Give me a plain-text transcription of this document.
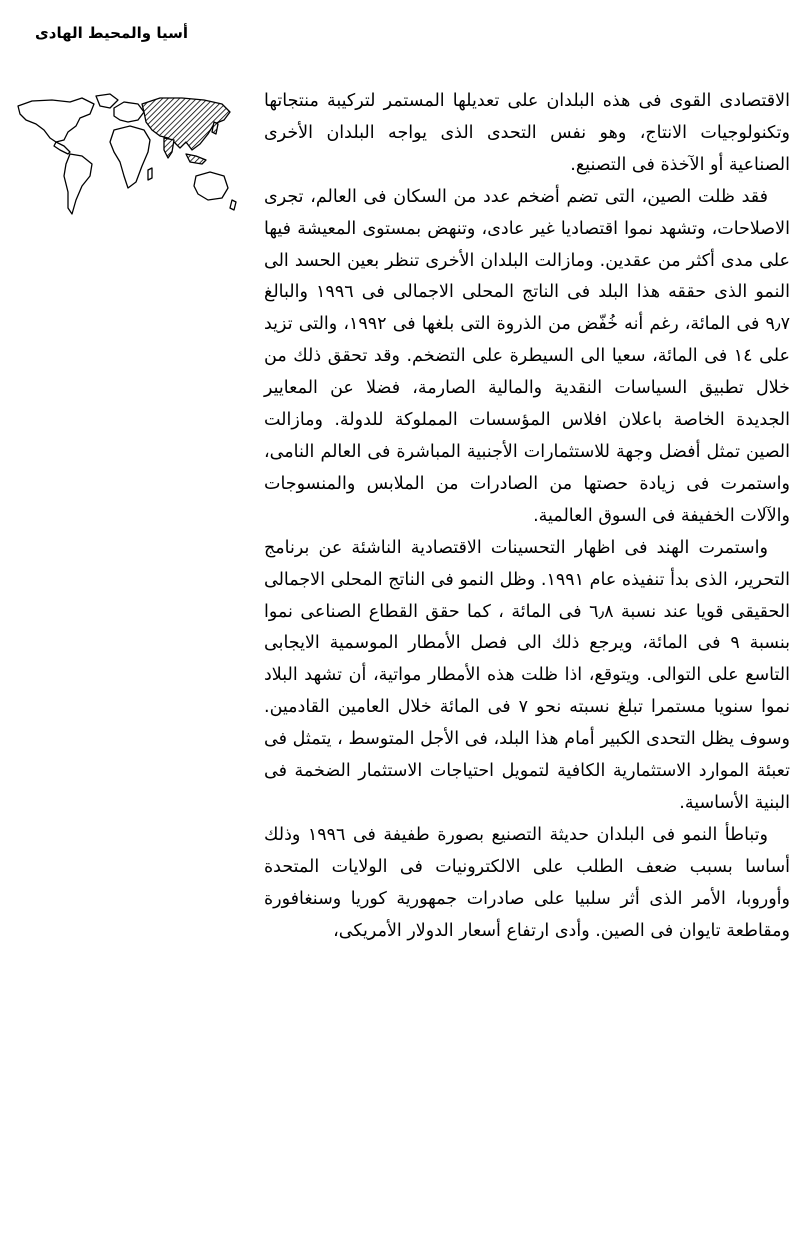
أسيا والمحيط الهادى

الاقتصادى القوى فى هذه البلدان على تعديلها المستمر لتركيبة منتجاتها وتكنولوجيات الانتاج، وهو نفس التحدى الذى يواجه البلدان الأخرى الصناعية أو الآخذة فى التصنيع.

فقد ظلت الصين، التى تضم أضخم عدد من السكان فى العالم، تجرى الاصلاحات، وتشهد نموا اقتصاديا غير عادى، وتنهض بمستوى المعيشة فيها على مدى أكثر من عقدين. ومازالت البلدان الأخرى تنظر بعين الحسد الى النمو الذى حققه هذا البلد فى الناتج المحلى الاجمالى فى ١٩٩٦ والبالغ ٩٫٧ فى المائة، رغم أنه خُفّض من الذروة التى بلغها فى ١٩٩٢، والتى تزيد على ١٤ فى المائة، سعيا الى السيطرة على التضخم. وقد تحقق ذلك من خلال تطبيق السياسات النقدية والمالية الصارمة، فضلا عن المعايير الجديدة الخاصة باعلان افلاس المؤسسات المملوكة للدولة. ومازالت الصين تمثل أفضل وجهة للاستثمارات الأجنبية المباشرة فى العالم النامى، واستمرت فى زيادة حصتها من الصادرات من الملابس والمنسوجات والآلات الخفيفة فى السوق العالمية.

واستمرت الهند فى اظهار التحسينات الاقتصادية الناشئة عن برنامج التحرير، الذى بدأ تنفيذه عام ١٩٩١. وظل النمو فى الناتج المحلى الاجمالى الحقيقى قويا عند نسبة ٦٫٨ فى المائة ، كما حقق القطاع الصناعى نموا بنسبة ٩ فى المائة، ويرجع ذلك الى فصل الأمطار الموسمية الايجابى التاسع على التوالى. ويتوقع، اذا ظلت هذه الأمطار مواتية، أن تشهد البلاد نموا سنويا مستمرا تبلغ نسبته نحو ٧ فى المائة خلال العامين القادمين. وسوف يظل التحدى الكبير أمام هذا البلد، فى الأجل المتوسط ، يتمثل فى تعبئة الموارد الاستثمارية الكافية لتمويل احتياجات الاستثمار الضخمة فى البنية الأساسية.

وتباطأ النمو فى البلدان حديثة التصنيع بصورة طفيفة فى ١٩٩٦ وذلك أساسا بسبب ضعف الطلب على الالكترونيات فى الولايات المتحدة وأوروبا، الأمر الذى أثر سلبيا على صادرات جمهورية كوريا وسنغافورة ومقاطعة تايوان فى الصين. وأدى ارتفاع أسعار الدولار الأمريكى،
